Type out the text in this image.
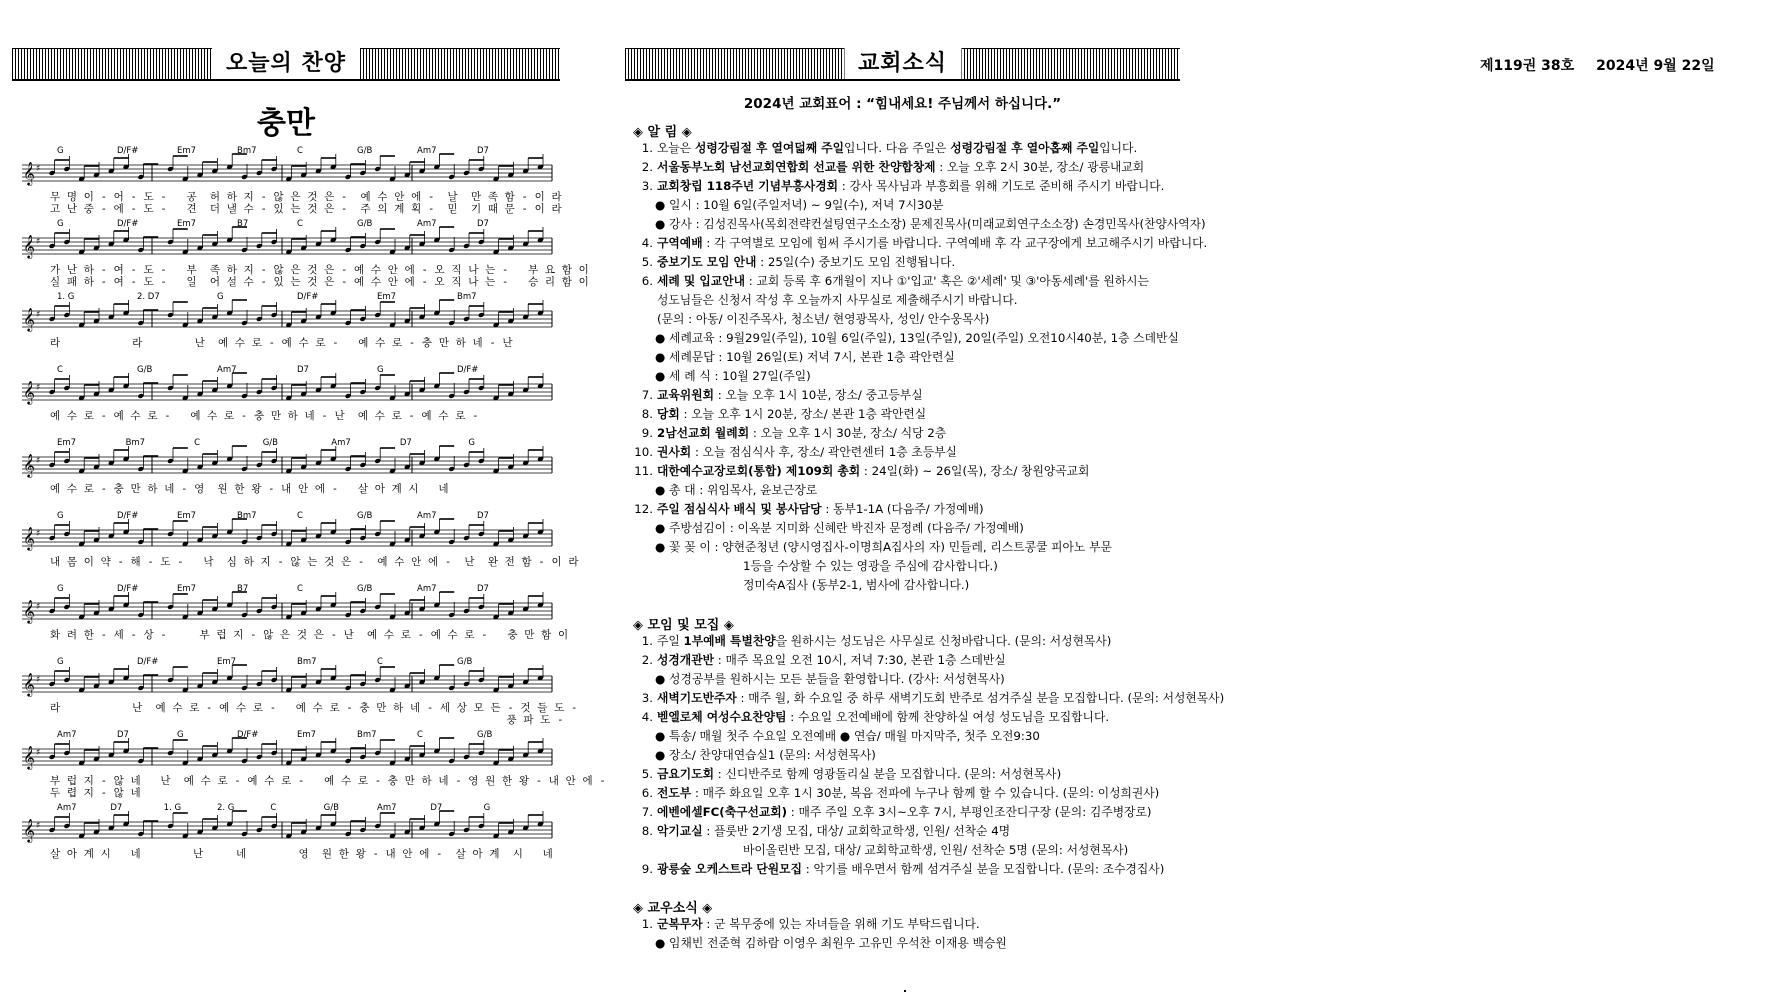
오늘의 찬양
충만
𝄞 ♯
G	D/F#	Em7	Bm7	C	G/B	Am7	D7
무 명 이 - 어 - 도 -   공  허 하 지 - 않 은 것 은 -  예 수 안 에 -  날  만 족 함 - 이 라
고 난 중 - 에 - 도 -   견  더 낼 수 - 있 는 것 은 -  주 의 계 획 -  믿  기 때 문 - 이 라
𝄞 ♯
G	D/F#	Em7	B7	C	G/B	Am7	D7
가 난 하 - 여 - 도 -   부  족 하 지 - 않 은 것 은 - 예 수 안 에 - 오 직 나 는 -   부 요 함 이
실 패 하 - 여 - 도 -   일  어 설 수 - 있 는 것 은 - 예 수 안 에 - 오 직 나 는 -   승 리 함 이
𝄞 ♯
1. G	2. D7	G	D/F#	Em7	Bm7
라           라        난  예 수 로 - 예 수 로 -   예 수 로 - 충 만 하 네 - 난
𝄞 ♯
C	G/B	Am7	D7	G	D/F#
예 수 로 - 예 수 로 -   예 수 로 - 충 만 하 네 - 난  예 수 로 - 예 수 로 -
𝄞 ♯
Em7	Bm7	C	G/B	Am7	D7	G
예 수 로 - 충 만 하 네 - 영  원 한 왕 - 내 안 에 -   살 아 계 시   네
𝄞 ♯
G	D/F#	Em7	Bm7	C	G/B	Am7	D7
내 몸 이 약 - 해 - 도 -   낙  심 하 지 - 않 는 것 은 -  예 수 안 에 -  난  완 전 함 - 이 라
𝄞 ♯
G	D/F#	Em7	B7	C	G/B	Am7	D7
화 려 한 - 세 - 상 -     부 럽 지 - 않 은 것 은 - 난  예 수 로 - 예 수 로 -   충 만 함 이
𝄞 ♯
G	D/F#	Em7	Bm7	C	G/B
라           난  예 수 로 - 예 수 로 -   예 수 로 - 충 만 하 네 - 세 상 모 든 - 것 들 도 -
풍 파 도 -
𝄞 ♯
Am7	D7	G	D/F#	Em7	Bm7	C	G/B
부 럽 지 - 않 네   난  예 수 로 - 예 수 로 -   예 수 로 - 충 만 하 네 - 영 원 한 왕 - 내 안 에 -
두 렵 지 - 않 네
𝄞 ♯
Am7	D7	1. G	2. G	C	G/B	Am7	D7	G
살 아 계 시   네        난     네        영  원 한 왕 - 내 안 에 -  살 아 계  시   네
교회소식
2024년 교회표어 : “힘내세요! 주님께서 하십니다.”
◈ 알 림 ◈
1. 오늘은 성령강림절 후 열여덟째 주일입니다. 다음 주일은 성령강림절 후 열아홉째 주일입니다.
2. 서울동부노회 남선교회연합회 선교를 위한 찬양합창제 : 오늘 오후 2시 30분, 장소/ 광릉내교회
3. 교회창립 118주년 기념부흥사경회 : 강사 목사님과 부흥회를 위해 기도로 준비해 주시기 바랍니다.
● 일시 : 10월 6일(주일저녁) ~ 9일(수), 저녁 7시30분
● 강사 : 김성진목사(목회전략컨설팅연구소소장) 문제진목사(미래교회연구소소장) 손경민목사(찬양사역자)
4. 구역예배 : 각 구역별로 모임에 힘써 주시기를 바랍니다. 구역예배 후 각 교구장에게 보고해주시기 바랍니다.
5. 중보기도 모임 안내 : 25일(수) 중보기도 모임 진행됩니다.
6. 세례 및 입교안내 : 교회 등록 후 6개월이 지나 ①'입교' 혹은 ②'세례' 및 ③'아동세례'를 원하시는
성도님들은 신청서 작성 후 오늘까지 사무실로 제출해주시기 바랍니다.
(문의 : 아동/ 이진주목사, 청소년/ 현영광목사, 성인/ 안수웅목사)
● 세례교육 : 9월29일(주일), 10월 6일(주일), 13일(주일), 20일(주일) 오전10시40분, 1층 스데반실
● 세례문답 : 10월 26일(토) 저녁 7시, 본관 1층 곽안련실
● 세 례 식 : 10월 27일(주일)
7. 교육위원회 : 오늘 오후 1시 10분, 장소/ 중고등부실
8. 당회 : 오늘 오후 1시 20분, 장소/ 본관 1층 곽안련실
9. 2남선교회 월례회 : 오늘 오후 1시 30분, 장소/ 식당 2층
10. 권사회 : 오늘 점심식사 후, 장소/ 곽안련센터 1층 초등부실
11. 대한예수교장로회(통합) 제109회 총회 : 24일(화) ~ 26일(목), 장소/ 창원양곡교회
● 총 대 : 위임목사, 윤보근장로
12. 주일 점심식사 배식 및 봉사담당 : 동부1-1A (다음주/ 가정예배)
● 주방섬김이 : 이옥분 지미화 신혜란 박진자 문정례 (다음주/ 가정예배)
● 꽃 꽂 이 : 양현준청년 (양시영집사-이명희A집사의 자) 민들레, 리스트콩쿨 피아노 부문
1등을 수상할 수 있는 영광을 주심에 감사합니다.)
정미숙A집사 (동부2-1, 범사에 감사합니다.)
◈ 모임 및 모집 ◈
1. 주일 1부예배 특별찬양을 원하시는 성도님은 사무실로 신청바랍니다. (문의: 서성현목사)
2. 성경개관반 : 매주 목요일 오전 10시, 저녁 7:30, 본관 1층 스데반실
● 성경공부를 원하시는 모든 분들을 환영합니다. (강사: 서성현목사)
3. 새벽기도반주자 : 매주 월, 화 수요일 중 하루 새벽기도회 반주로 섬겨주실 분을 모집합니다. (문의: 서성현목사)
4. 벧엘로체 여성수요찬양팀 : 수요일 오전예배에 함께 찬양하실 여성 성도님을 모집합니다.
● 특송/ 매월 첫주 수요일 오전예배 ● 연습/ 매월 마지막주, 첫주 오전9:30
● 장소/ 찬양대연습실1 (문의: 서성현목사)
5. 금요기도회 : 신디반주로 함께 영광돌리실 분을 모집합니다. (문의: 서성현목사)
6. 전도부 : 매주 화요일 오후 1시 30분, 복음 전파에 누구나 함께 할 수 있습니다. (문의: 이성희권사)
7. 에벤에셀FC(축구선교회) : 매주 주일 오후 3시~오후 7시, 부평인조잔디구장 (문의: 김주병장로)
8. 악기교실 : 플룻반 2기생 모집, 대상/ 교회학교학생, 인원/ 선착순 4명
바이올린반 모집, 대상/ 교회학교학생, 인원/ 선착순 5명 (문의: 서성현목사)
9. 광릉숲 오케스트라 단원모집 : 악기를 배우면서 함께 섬겨주실 분을 모집합니다. (문의: 조수경집사)
◈ 교우소식 ◈
1. 군복무자 : 군 복무중에 있는 자녀들을 위해 기도 부탁드립니다.
● 임채빈 전준혁 김하람 이영우 최원우 고유민 우석찬 이재용 백승원
제119권 38호 2024년 9월 22일
